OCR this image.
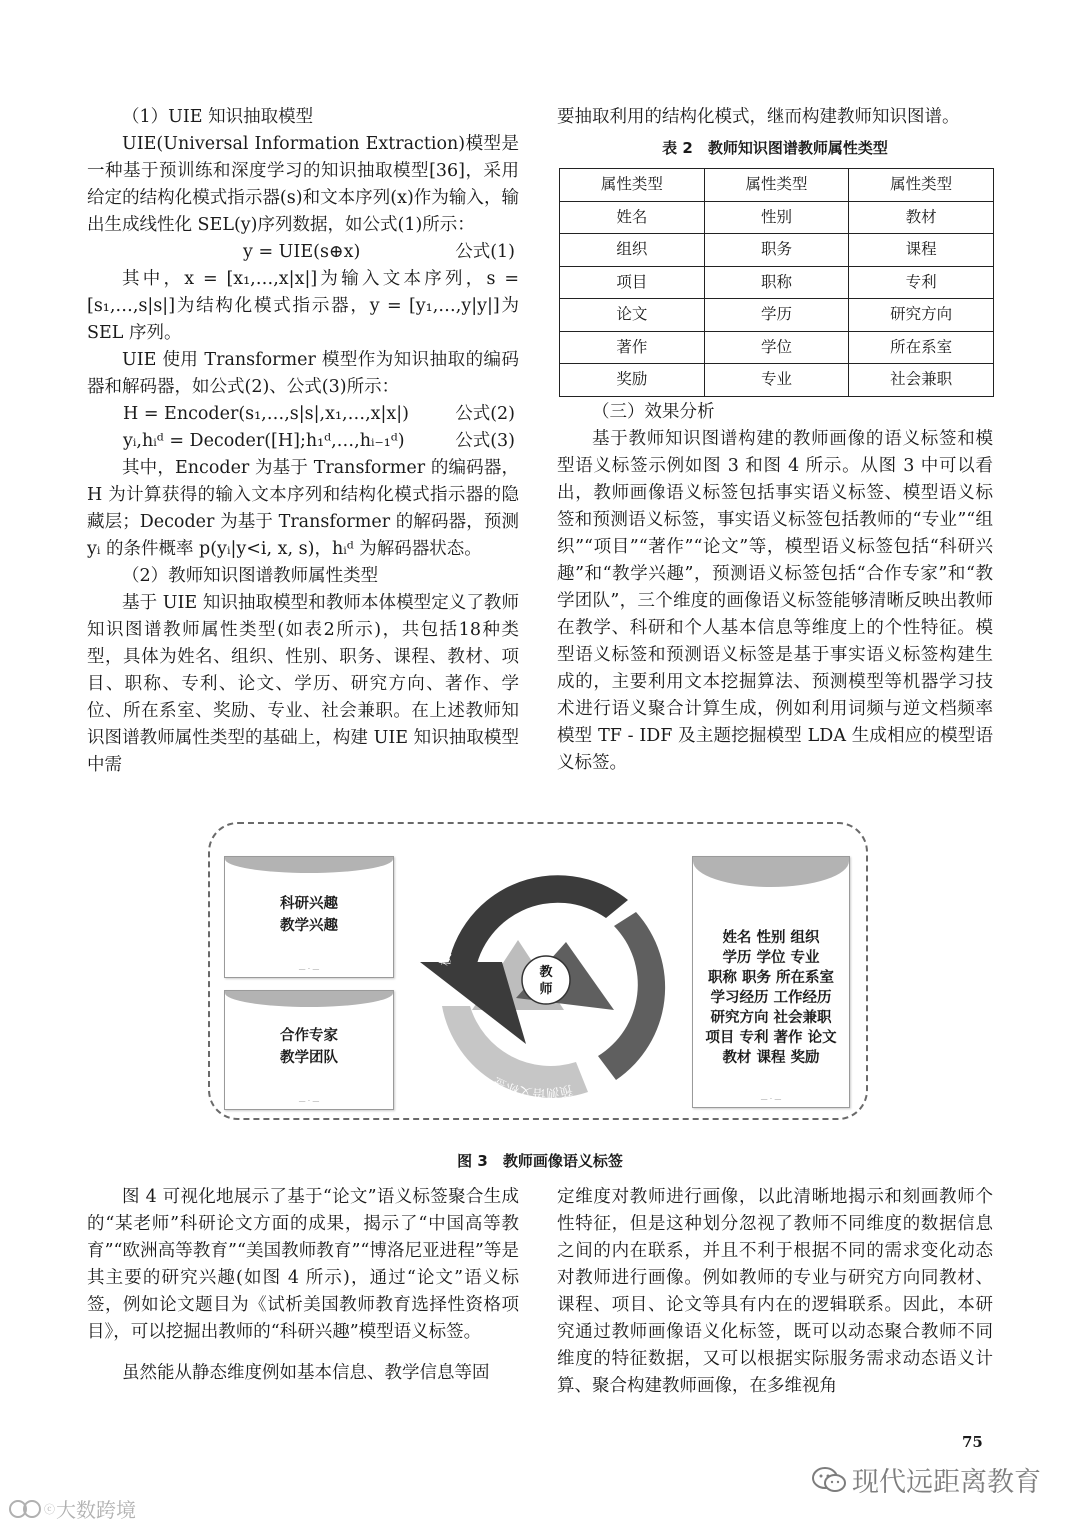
（1）UIE 知识抽取模型

UIE(Universal Information Extraction)模型是一种基于预训练和深度学习的知识抽取模型[36]，采用给定的结构化模式指示器(s)和文本序列(x)作为输入，输出生成线性化 SEL(y)序列数据，如公式(1)所示：

y = UIE(s⊕x)	公式(1)

其中，x = [x₁,…,x|x|]为输入文本序列，s = [s₁,…,s|s|]为结构化模式指示器，y = [y₁,…,y|y|]为 SEL 序列。

UIE 使用 Transformer 模型作为知识抽取的编码器和解码器，如公式(2)、公式(3)所示：

H = Encoder(s₁,…,s|s|,x₁,…,x|x|)	公式(2)
yᵢ,hᵢᵈ = Decoder([H];h₁ᵈ,…,hᵢ₋₁ᵈ)	公式(3)

其中，Encoder 为基于 Transformer 的编码器，H 为计算获得的输入文本序列和结构化模式指示器的隐藏层；Decoder 为基于 Transformer 的解码器，预测 yᵢ 的条件概率 p(yᵢ|y<i, x, s)，hᵢᵈ 为解码器状态。

（2）教师知识图谱教师属性类型

基于 UIE 知识抽取模型和教师本体模型定义了教师知识图谱教师属性类型(如表2所示)，共包括18种类型，具体为姓名、组织、性别、职务、课程、教材、项目、职称、专利、论文、学历、研究方向、著作、学位、所在系室、奖励、专业、社会兼职。在上述教师知识图谱教师属性类型的基础上，构建 UIE 知识抽取模型中需

要抽取利用的结构化模式，继而构建教师知识图谱。

表 2　教师知识图谱教师属性类型
属性类型	属性类型	属性类型
姓名	性别	教材
组织	职务	课程
项目	职称	专利
论文	学历	研究方向
著作	学位	所在系室
奖励	专业	社会兼职

（三）效果分析

基于教师知识图谱构建的教师画像的语义标签和模型语义标签示例如图 3 和图 4 所示。从图 3 中可以看出，教师画像语义标签包括事实语义标签、模型语义标签和预测语义标签，事实语义标签包括教师的“专业”“组织”“项目”“著作”“论文”等，模型语义标签包括“科研兴趣”和“教学兴趣”，预测语义标签包括“合作专家”和“教学团队”，三个维度的画像语义标签能够清晰反映出教师在教学、科研和个人基本信息等维度上的个性特征。模型语义标签和预测语义标签是基于事实语义标签构建生成的，主要利用文本挖掘算法、预测模型等机器学习技术进行语义聚合计算生成，例如利用词频与逆文档频率模型 TF - IDF 及主题挖掘模型 LDA 生成相应的模型语义标签。

科研兴趣
教学兴趣
— · —
合作专家
教学团队
— · —
姓名 性别 组织
学历 学位 专业
职称 职务 所在系室
学习经历 工作经历
研究方向 社会兼职
项目 专利 著作 论文
教材 课程 奖励
— · —
教
师
模型语义标签
事实语义标签
预测语义标签
图 3　教师画像语义标签

图 4 可视化地展示了基于“论文”语义标签聚合生成的“某老师”科研论文方面的成果，揭示了“中国高等教育”“欧洲高等教育”“美国教师教育”“博洛尼亚进程”等是其主要的研究兴趣(如图 4 所示)，通过“论文”语义标签，例如论文题目为《试析美国教师教育选择性资格项目》，可以挖掘出教师的“科研兴趣”模型语义标签。

虽然能从静态维度例如基本信息、教学信息等固

定维度对教师进行画像，以此清晰地揭示和刻画教师个性特征，但是这种划分忽视了教师不同维度的数据信息之间的内在联系，并且不利于根据不同的需求变化动态对教师进行画像。例如教师的专业与研究方向同教材、课程、项目、论文等具有内在的逻辑联系。因此，本研究通过教师画像语义化标签，既可以动态聚合教师不同维度的特征数据，又可以根据实际服务需求动态语义计算、聚合构建教师画像，在多维视角

75
现代远距离教育
ⓒ 大数跨境
